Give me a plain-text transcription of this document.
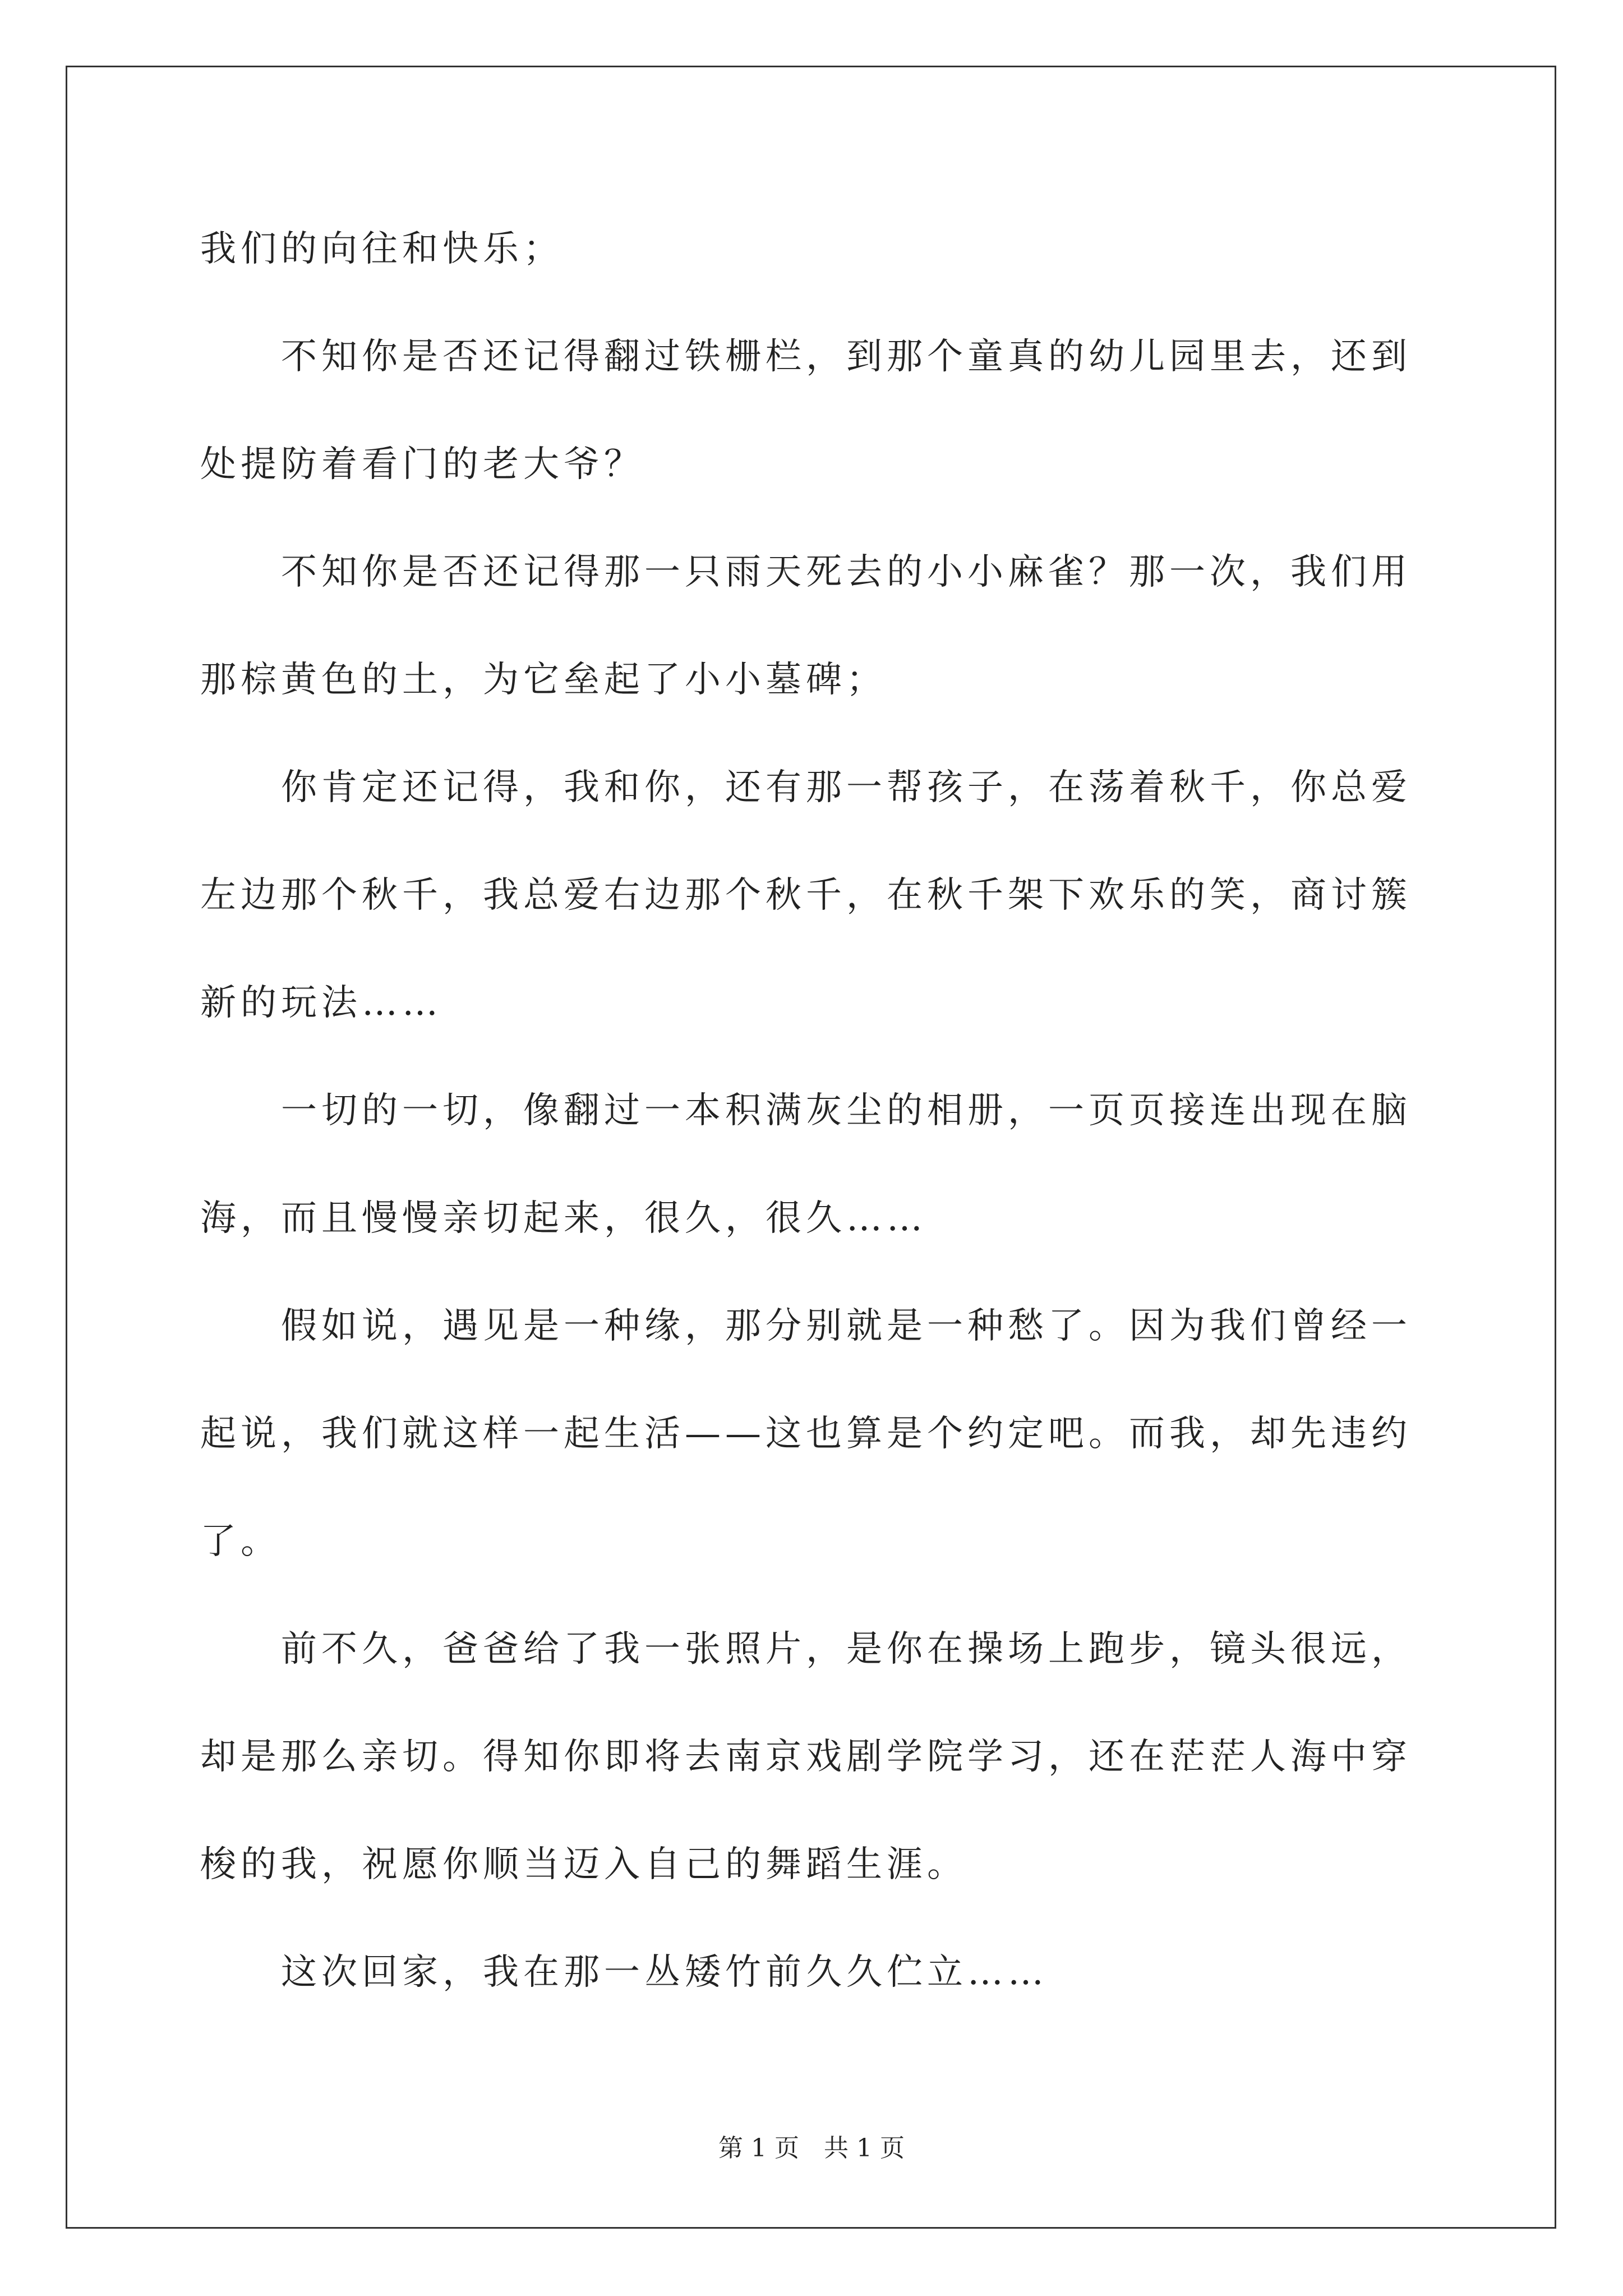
我们的向往和快乐；
　　不知你是否还记得翻过铁栅栏，到那个童真的幼儿园里去，还到
处提防着看门的老大爷？
　　不知你是否还记得那一只雨天死去的小小麻雀？那一次，我们用
那棕黄色的土，为它垒起了小小墓碑；
　　你肯定还记得，我和你，还有那一帮孩子，在荡着秋千，你总爱
左边那个秋千，我总爱右边那个秋千，在秋千架下欢乐的笑，商讨簇
新的玩法……
　　一切的一切，像翻过一本积满灰尘的相册，一页页接连出现在脑
海，而且慢慢亲切起来，很久，很久……
　　假如说，遇见是一种缘，那分别就是一种愁了。因为我们曾经一
起说，我们就这样一起生活——这也算是个约定吧。而我，却先违约
了。
　　前不久，爸爸给了我一张照片，是你在操场上跑步，镜头很远，
却是那么亲切。得知你即将去南京戏剧学院学习，还在茫茫人海中穿
梭的我，祝愿你顺当迈入自己的舞蹈生涯。
　　这次回家，我在那一丛矮竹前久久伫立……
第 1 页　共 1 页
